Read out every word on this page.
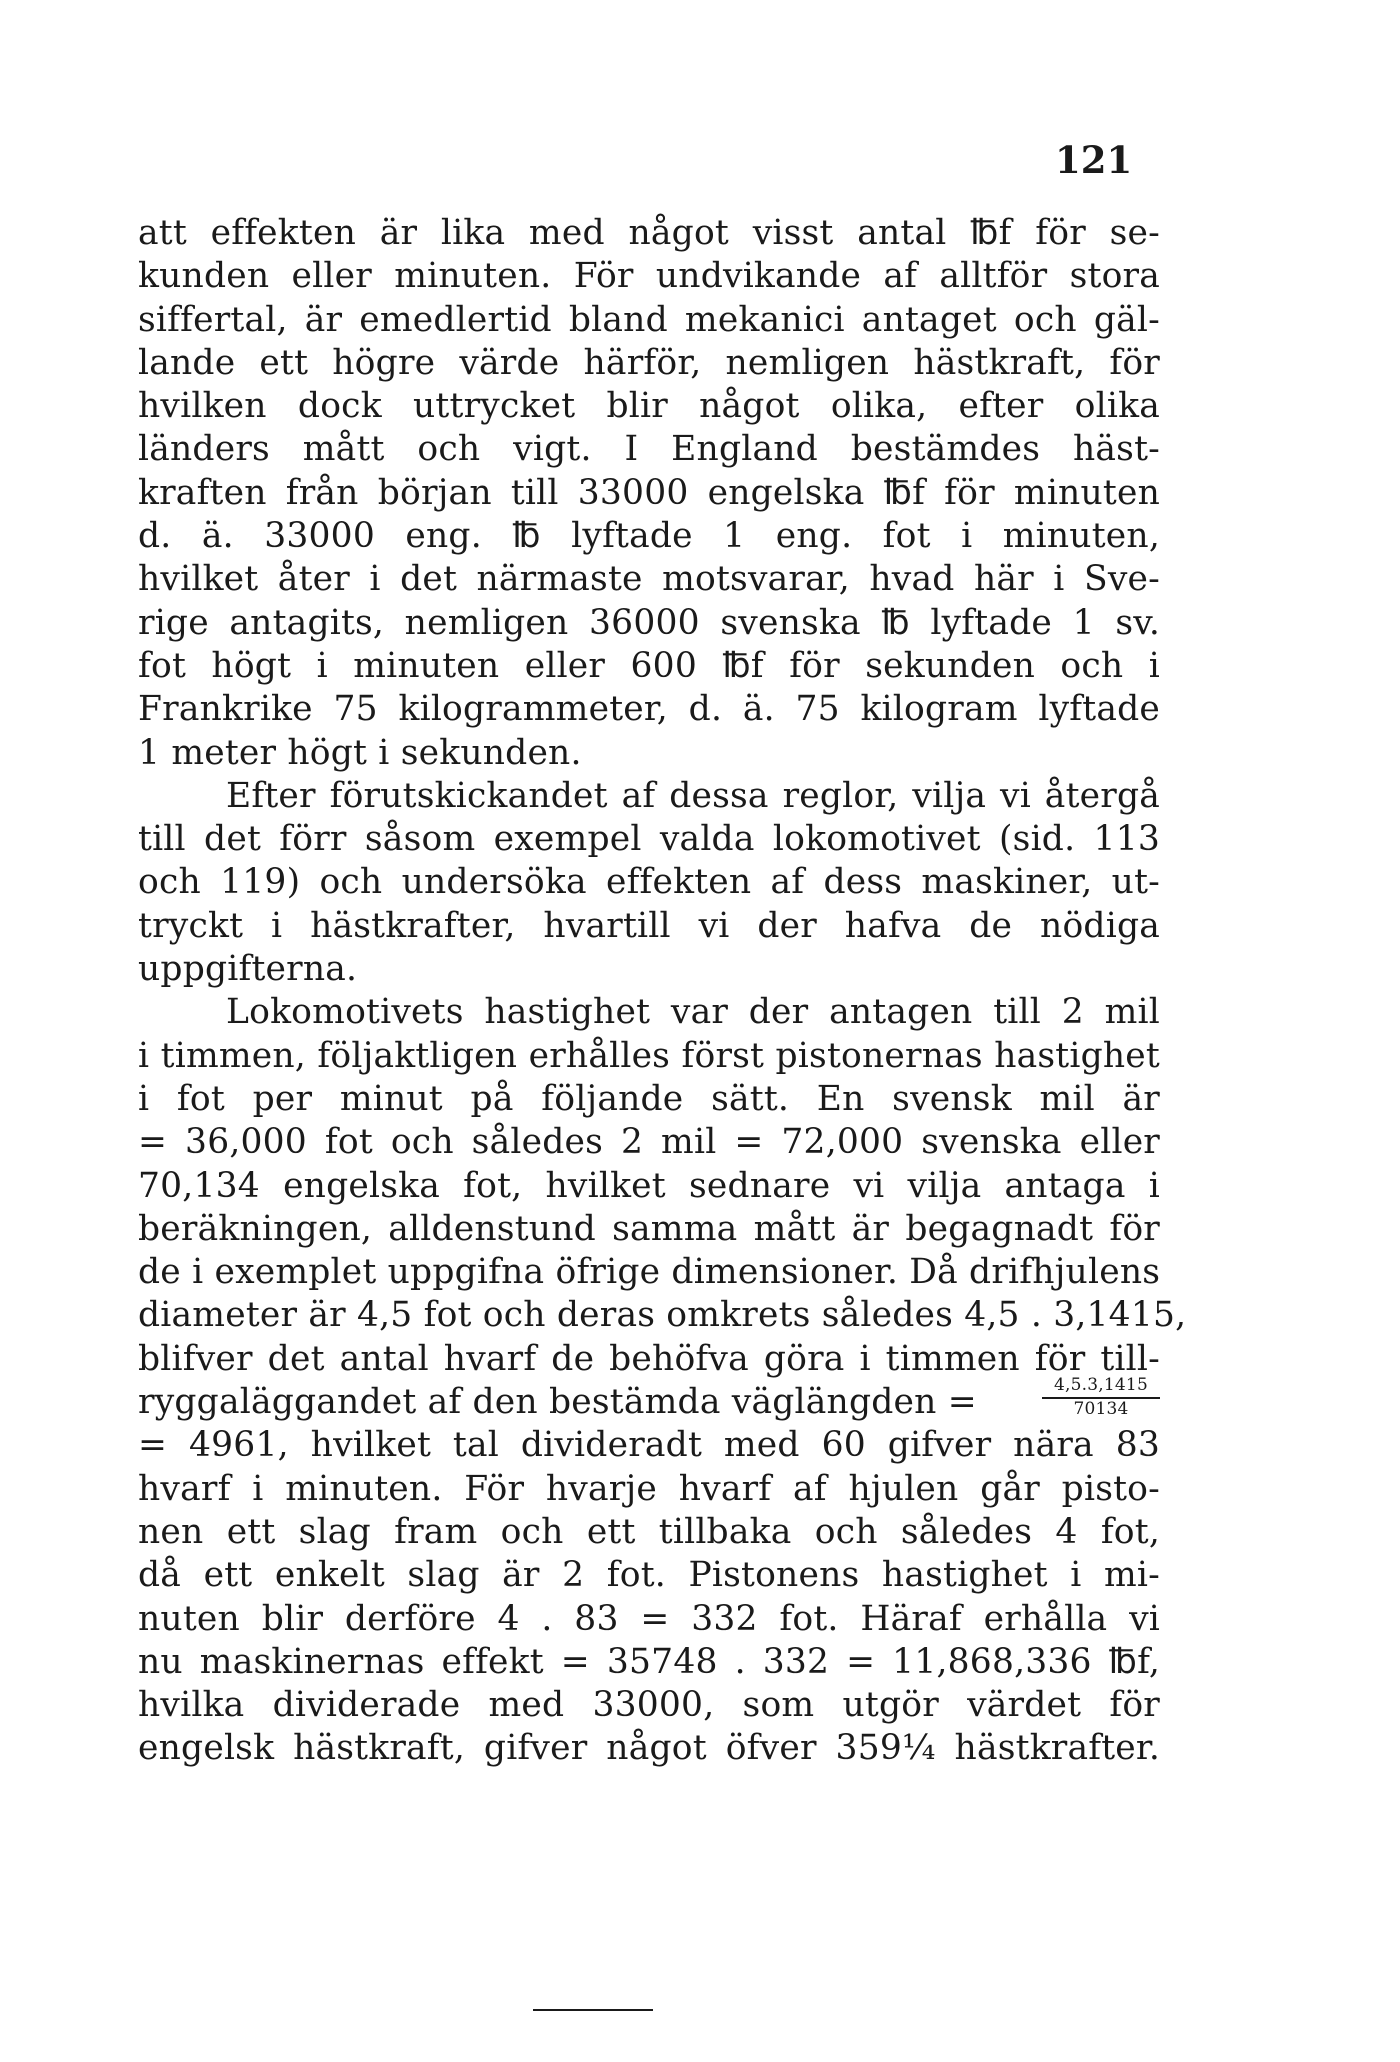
121
att effekten är lika med något visst antal ℔f för se-
kunden eller minuten. För undvikande af alltför stora
siffertal, är emedlertid bland mekanici antaget och gäl-
lande ett högre värde härför, nemligen hästkraft, för
hvilken dock uttrycket blir något olika, efter olika
länders mått och vigt. I England bestämdes häst-
kraften från början till 33000 engelska ℔f för minuten
d. ä. 33000 eng. ℔ lyftade 1 eng. fot i minuten,
hvilket åter i det närmaste motsvarar, hvad här i Sve-
rige antagits, nemligen 36000 svenska ℔ lyftade 1 sv.
fot högt i minuten eller 600 ℔f för sekunden och i
Frankrike 75 kilogrammeter, d. ä. 75 kilogram lyftade
1 meter högt i sekunden.
Efter förutskickandet af dessa reglor, vilja vi återgå
till det förr såsom exempel valda lokomotivet (sid. 113
och 119) och undersöka effekten af dess maskiner, ut-
tryckt i hästkrafter, hvartill vi der hafva de nödiga
uppgifterna.
Lokomotivets hastighet var der antagen till 2 mil
i timmen, följaktligen erhålles först pistonernas hastighet
i fot per minut på följande sätt. En svensk mil är
= 36,000 fot och således 2 mil = 72,000 svenska eller
70,134 engelska fot, hvilket sednare vi vilja antaga i
beräkningen, alldenstund samma mått är begagnadt för
de i exemplet uppgifna öfrige dimensioner. Då drifhjulens
diameter är 4,5 fot och deras omkrets således 4,5 . 3,1415,
blifver det antal hvarf de behöfva göra i timmen för till-
ryggaläggandet af den bestämda väglängden =	$\frac{4,5.3,1415}{70134}$
= 4961, hvilket tal divideradt med 60 gifver nära 83
hvarf i minuten. För hvarje hvarf af hjulen går pisto-
nen ett slag fram och ett tillbaka och således 4 fot,
då ett enkelt slag är 2 fot. Pistonens hastighet i mi-
nuten blir derföre 4 . 83 = 332 fot. Häraf erhålla vi
nu maskinernas effekt = 35748 . 332 = 11,868,336 ℔f,
hvilka dividerade med 33000, som utgör värdet för
engelsk hästkraft, gifver något öfver 359¼ hästkrafter.
